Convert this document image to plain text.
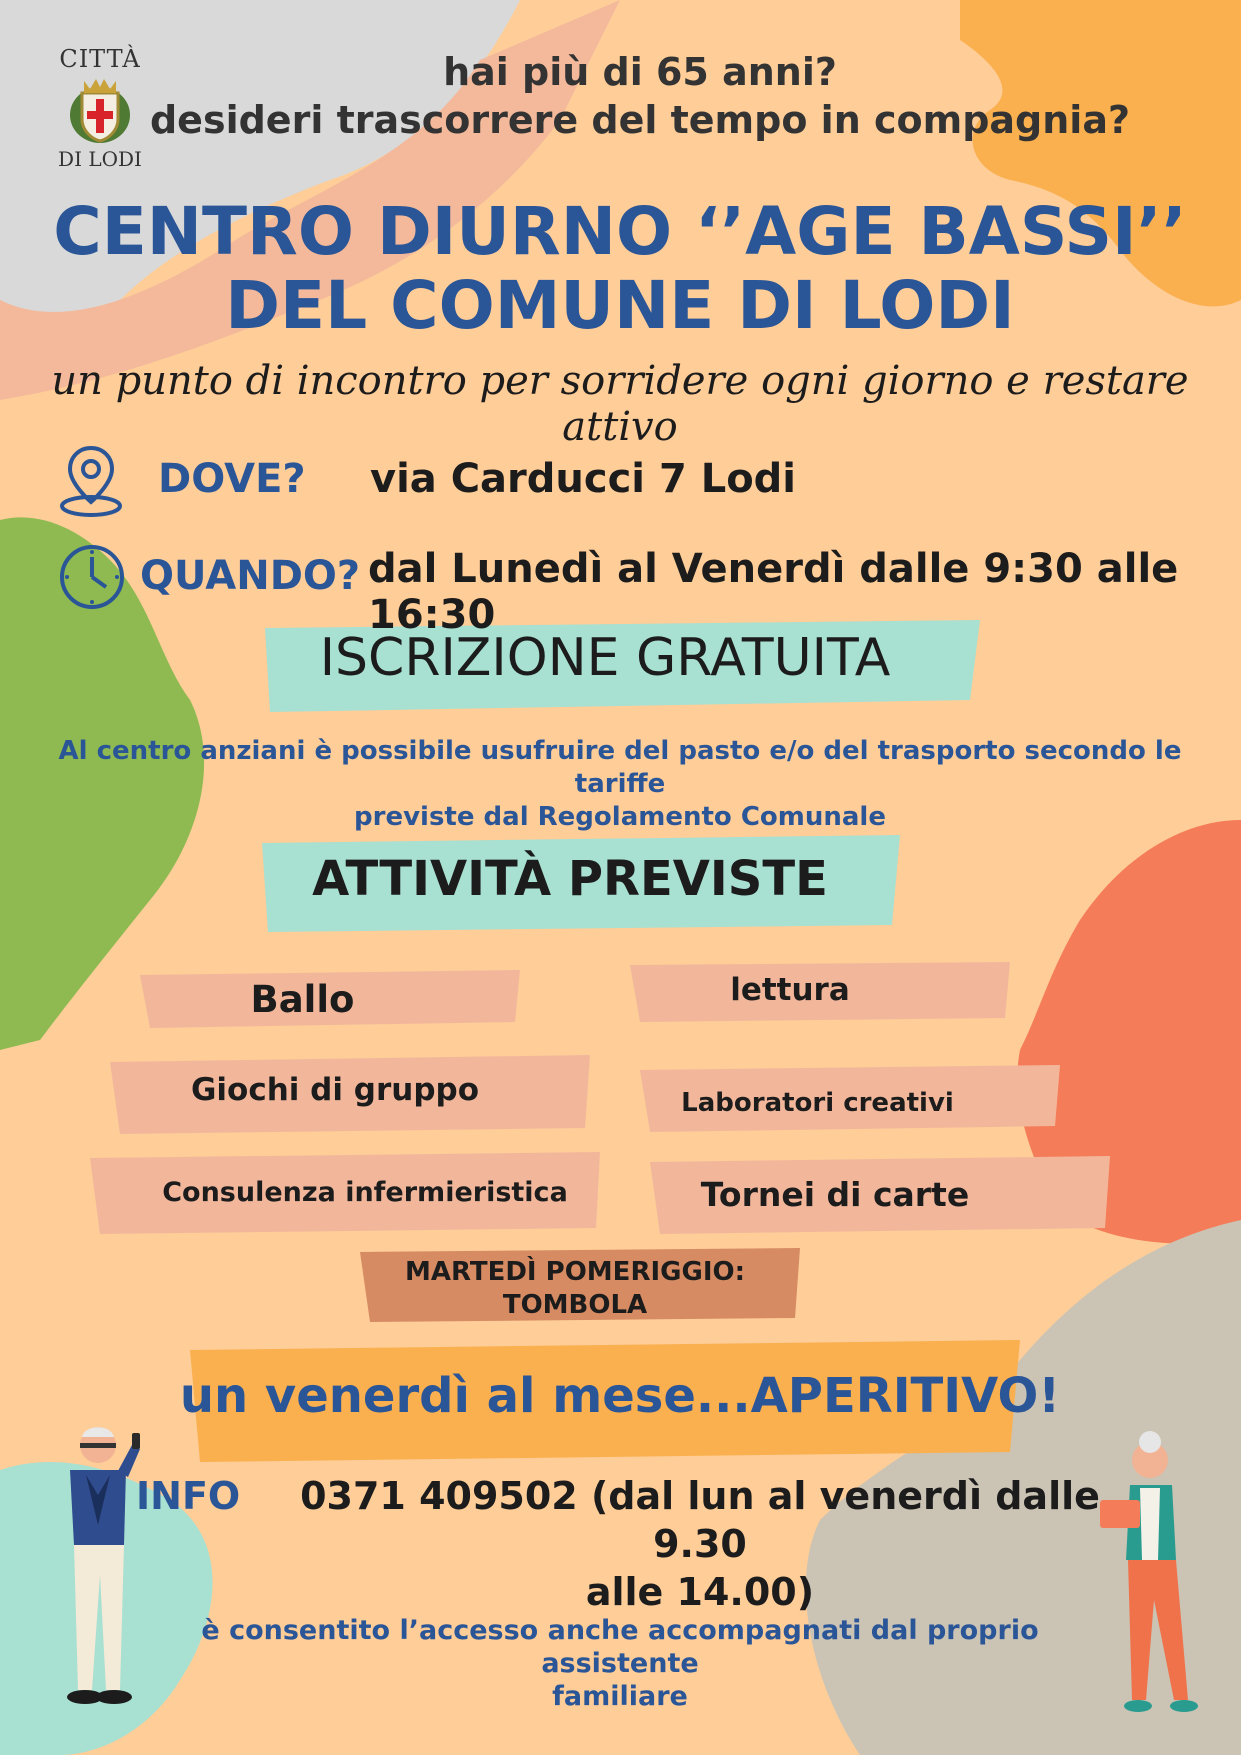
CITTÀ
DI LODI
hai più di 65 anni?
desideri trascorrere del tempo in compagnia?
CENTRO DIURNO ‘’AGE BASSI’’
DEL COMUNE DI LODI
un punto di incontro per sorridere ogni giorno e restare attivo
DOVE? via Carducci 7 Lodi
QUANDO? dal Lunedì al Venerdì dalle 9:30 alle 16:30
ISCRIZIONE GRATUITA
Al centro anziani è possibile usufruire del pasto e/o del trasporto secondo le tariffe
previste dal Regolamento Comunale
ATTIVITÀ PREVISTE
Ballo	lettura
Giochi di gruppo	Laboratori creativi
Consulenza infermieristica	Tornei di carte
MARTEDÌ POMERIGGIO:
TOMBOLA
un venerdì al mese...APERITIVO!
INFO	0371 409502 (dal lun al venerdì dalle 9.30
alle 14.00)
è consentito l’accesso anche accompagnati dal proprio assistente
familiare
